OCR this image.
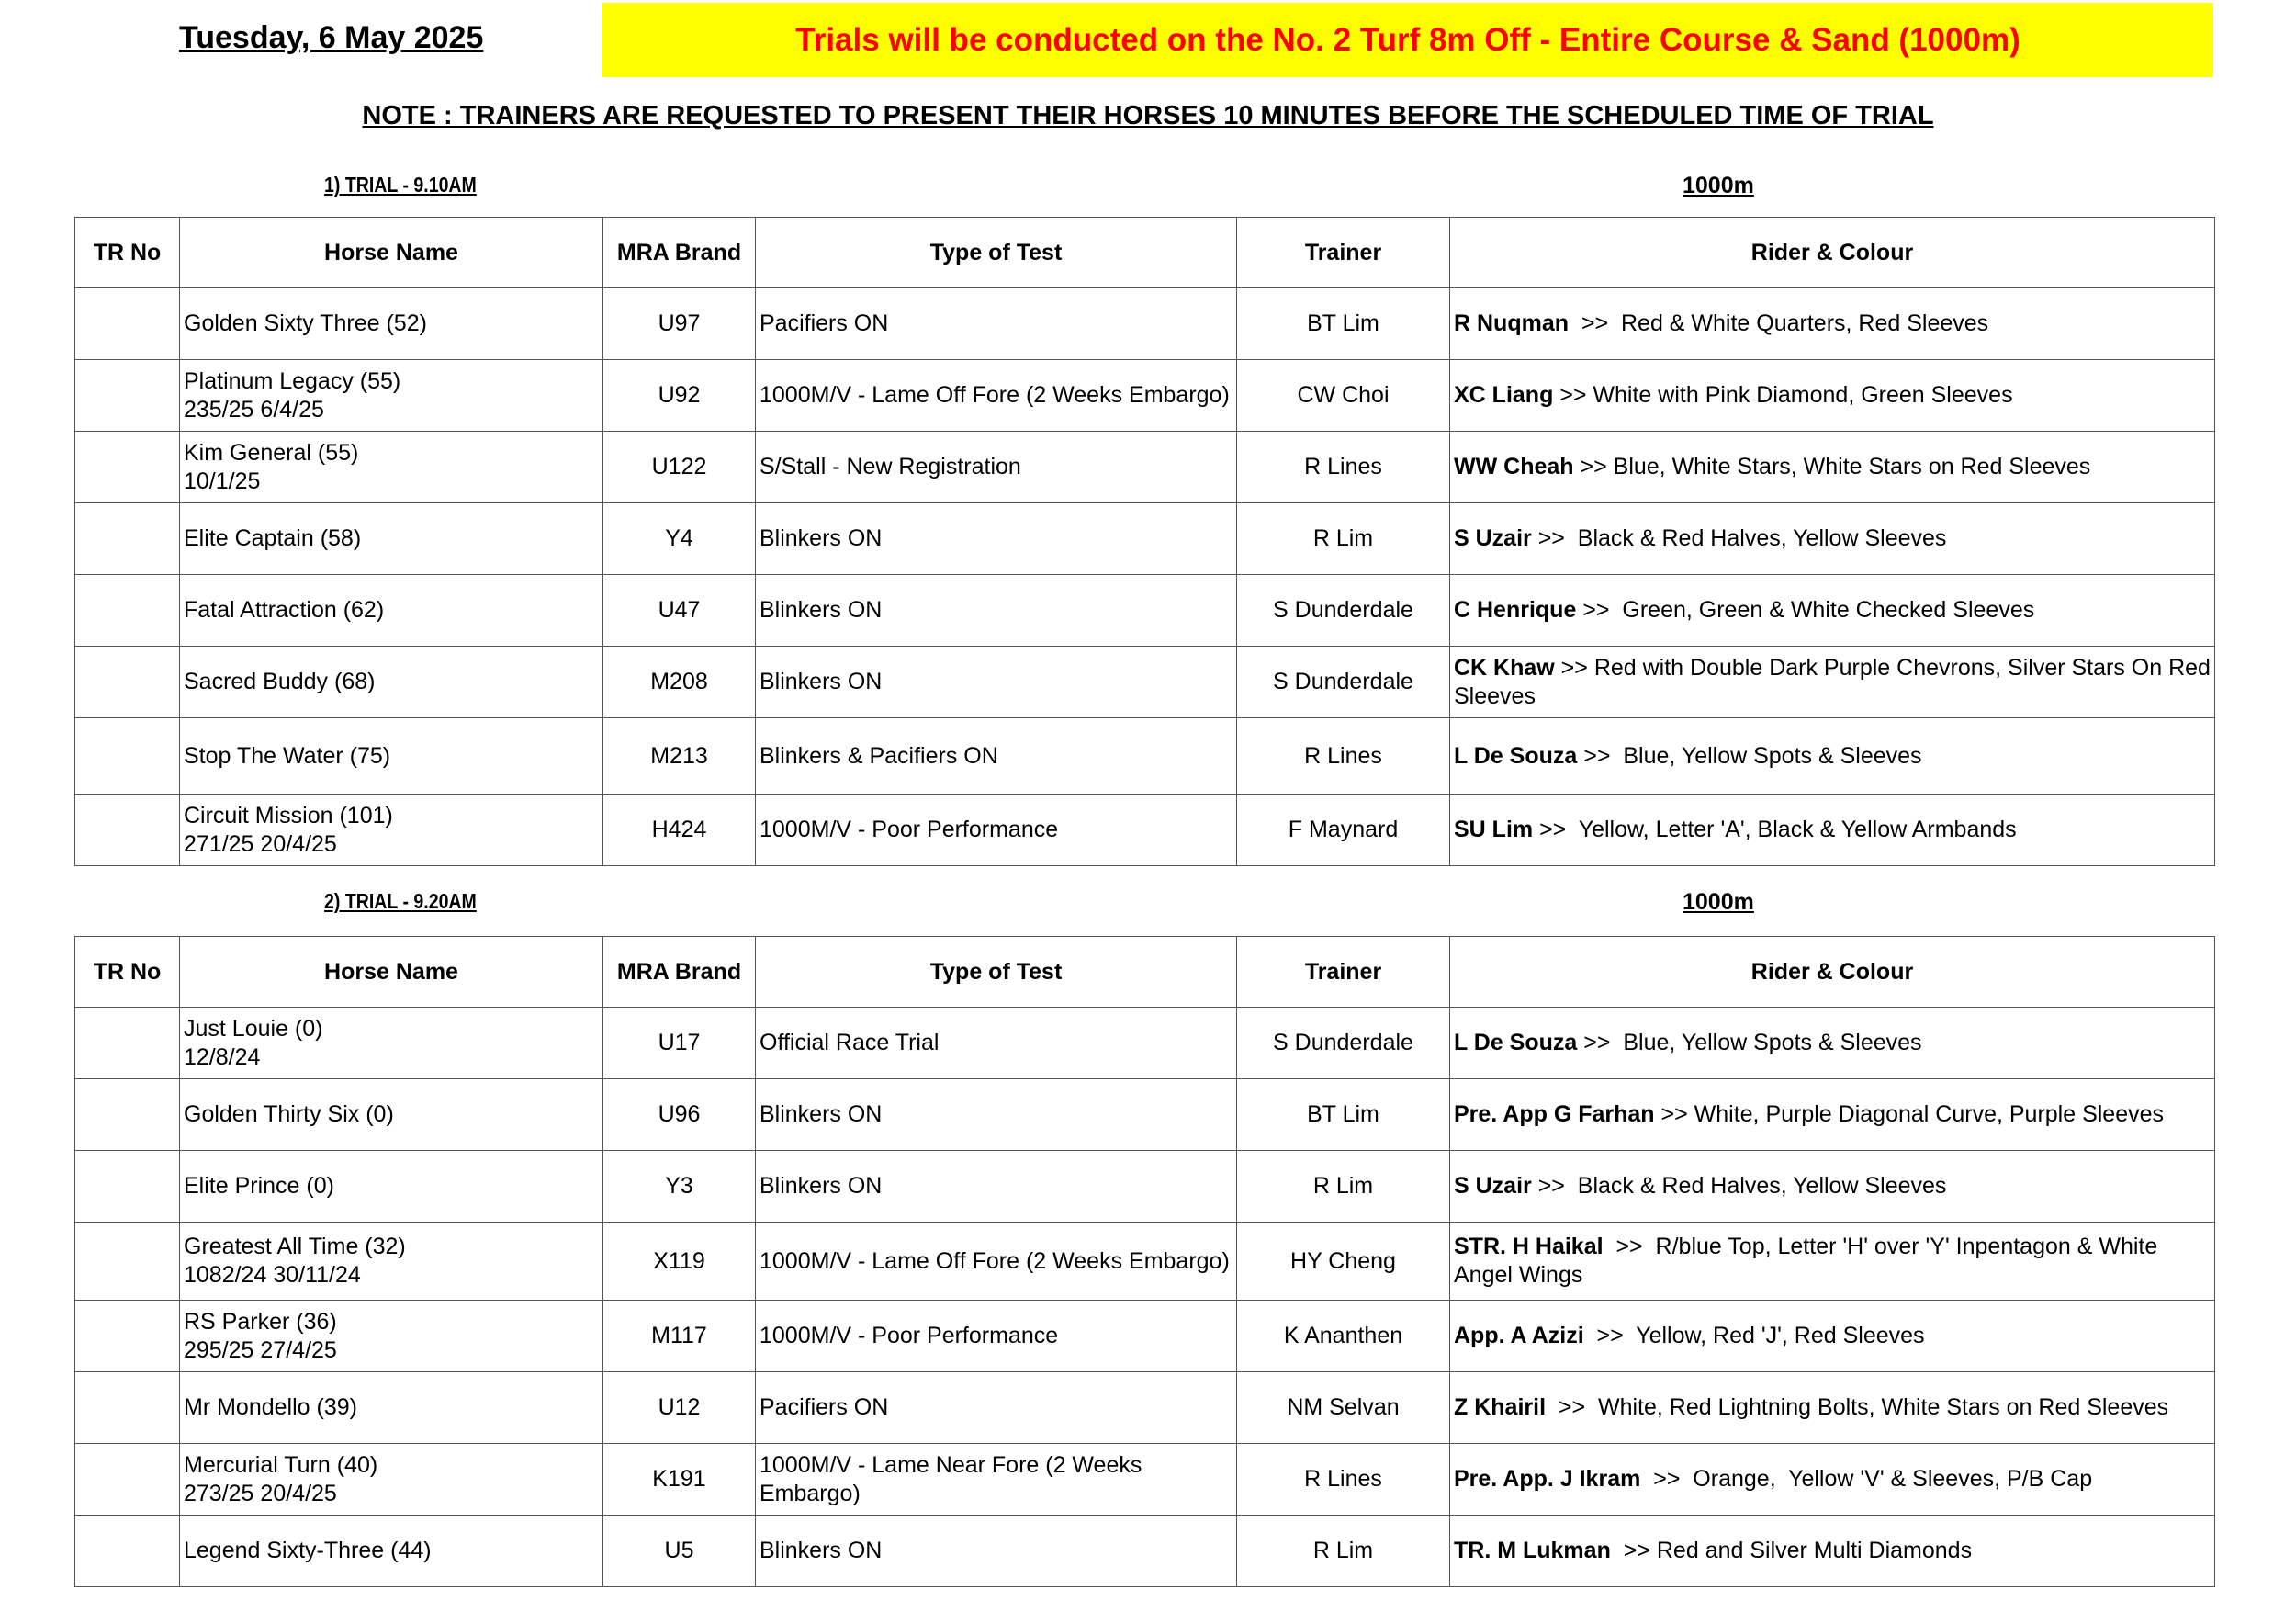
Tuesday, 6 May 2025	Trials will be conducted on the No. 2 Turf 8m Off - Entire Course & Sand (1000m)
NOTE : TRAINERS ARE REQUESTED TO PRESENT THEIR HORSES 10 MINUTES BEFORE THE SCHEDULED TIME OF TRIAL
1) TRIAL - 9.10AM	1000m
TR No	Horse Name	MRA Brand	Type of Test	Trainer	Rider & Colour
	Golden Sixty Three (52)	U97	Pacifiers ON	BT Lim	R Nuqman  >>  Red & White Quarters, Red Sleeves
	Platinum Legacy (55)
235/25 6/4/25	U92	1000M/V - Lame Off Fore (2 Weeks Embargo)	CW Choi	XC Liang >> White with Pink Diamond, Green Sleeves
	Kim General (55)
10/1/25	U122	S/Stall - New Registration	R Lines	WW Cheah >> Blue, White Stars, White Stars on Red Sleeves
	Elite Captain (58)	Y4	Blinkers ON	R Lim	S Uzair >>  Black & Red Halves, Yellow Sleeves
	Fatal Attraction (62)	U47	Blinkers ON	S Dunderdale	C Henrique >>  Green, Green & White Checked Sleeves
	Sacred Buddy (68)	M208	Blinkers ON	S Dunderdale	CK Khaw >> Red with Double Dark Purple Chevrons, Silver Stars On Red Sleeves
	Stop The Water (75)	M213	Blinkers & Pacifiers ON	R Lines	L De Souza >>  Blue, Yellow Spots & Sleeves
	Circuit Mission (101)
271/25 20/4/25	H424	1000M/V - Poor Performance	F Maynard	SU Lim >>  Yellow, Letter 'A', Black & Yellow Armbands
2) TRIAL - 9.20AM	1000m
TR No	Horse Name	MRA Brand	Type of Test	Trainer	Rider & Colour
	Just Louie (0)
12/8/24	U17	Official Race Trial	S Dunderdale	L De Souza >>  Blue, Yellow Spots & Sleeves
	Golden Thirty Six (0)	U96	Blinkers ON	BT Lim	Pre. App G Farhan >> White, Purple Diagonal Curve, Purple Sleeves
	Elite Prince (0)	Y3	Blinkers ON	R Lim	S Uzair >>  Black & Red Halves, Yellow Sleeves
	Greatest All Time (32)
1082/24 30/11/24	X119	1000M/V - Lame Off Fore (2 Weeks Embargo)	HY Cheng	STR. H Haikal  >>  R/blue Top, Letter 'H' over 'Y' Inpentagon & White Angel Wings
	RS Parker (36)
295/25 27/4/25	M117	1000M/V - Poor Performance	K Ananthen	App. A Azizi  >>  Yellow, Red 'J', Red Sleeves
	Mr Mondello (39)	U12	Pacifiers ON	NM Selvan	Z Khairil  >>  White, Red Lightning Bolts, White Stars on Red Sleeves
	Mercurial Turn (40)
273/25 20/4/25	K191	1000M/V - Lame Near Fore (2 Weeks Embargo)	R Lines	Pre. App. J Ikram  >>  Orange,  Yellow 'V' & Sleeves, P/B Cap
	Legend Sixty-Three (44)	U5	Blinkers ON	R Lim	TR. M Lukman  >> Red and Silver Multi Diamonds
